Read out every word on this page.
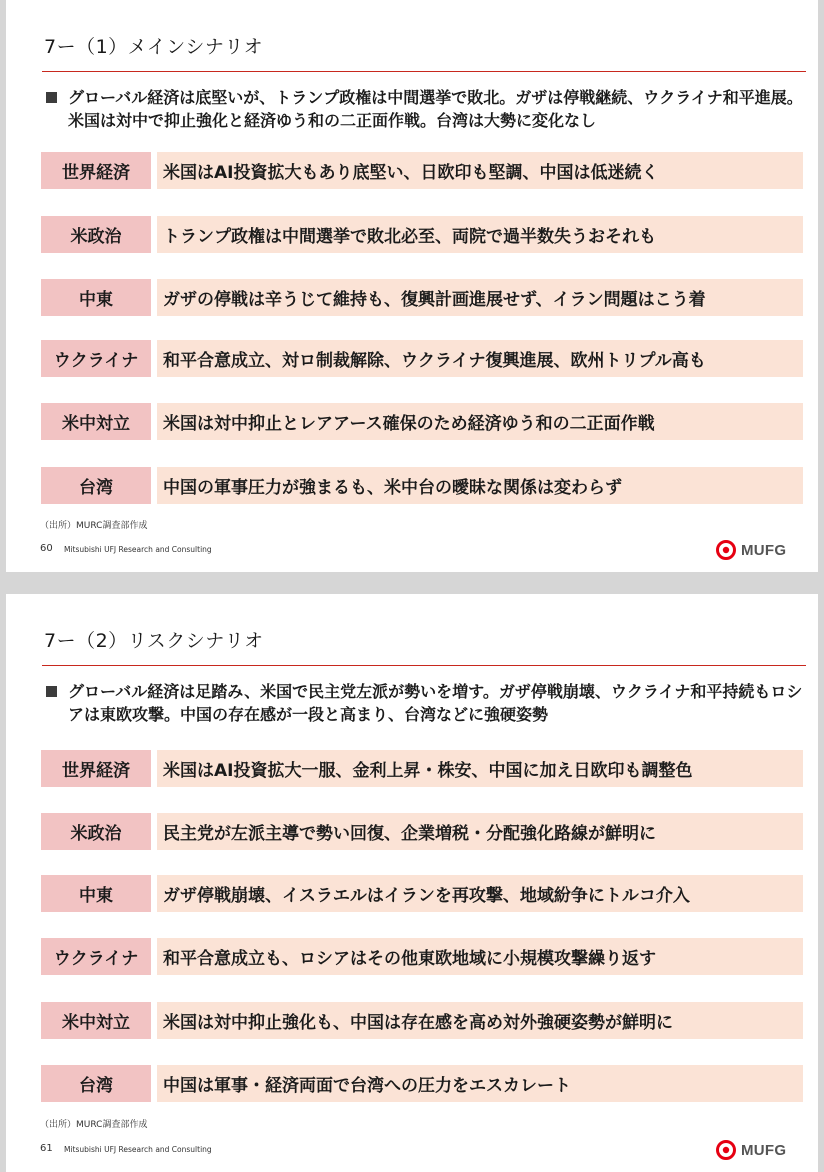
7ー（1）メインシナリオ
グローバル経済は底堅いが、トランプ政権は中間選挙で敗北。ガザは停戦継続、ウクライナ和平進展。米国は対中で抑止強化と経済ゆう和の二正面作戦。台湾は大勢に変化なし
世界経済	米国はAI投資拡大もあり底堅い、日欧印も堅調、中国は低迷続く
米政治	トランプ政権は中間選挙で敗北必至、両院で過半数失うおそれも
中東	ガザの停戦は辛うじて維持も、復興計画進展せず、イラン問題はこう着
ウクライナ	和平合意成立、対ロ制裁解除、ウクライナ復興進展、欧州トリプル高も
米中対立	米国は対中抑止とレアアース確保のため経済ゆう和の二正面作戦
台湾	中国の軍事圧力が強まるも、米中台の曖昧な関係は変わらず
（出所）MURC調査部作成
60 Mitsubishi UFJ Research and Consulting	MUFG
7ー（2）リスクシナリオ
グローバル経済は足踏み、米国で民主党左派が勢いを増す。ガザ停戦崩壊、ウクライナ和平持続もロシアは東欧攻撃。中国の存在感が一段と高まり、台湾などに強硬姿勢
世界経済	米国はAI投資拡大一服、金利上昇・株安、中国に加え日欧印も調整色
米政治	民主党が左派主導で勢い回復、企業増税・分配強化路線が鮮明に
中東	ガザ停戦崩壊、イスラエルはイランを再攻撃、地域紛争にトルコ介入
ウクライナ	和平合意成立も、ロシアはその他東欧地域に小規模攻撃繰り返す
米中対立	米国は対中抑止強化も、中国は存在感を高め対外強硬姿勢が鮮明に
台湾	中国は軍事・経済両面で台湾への圧力をエスカレート
（出所）MURC調査部作成
61 Mitsubishi UFJ Research and Consulting	MUFG
